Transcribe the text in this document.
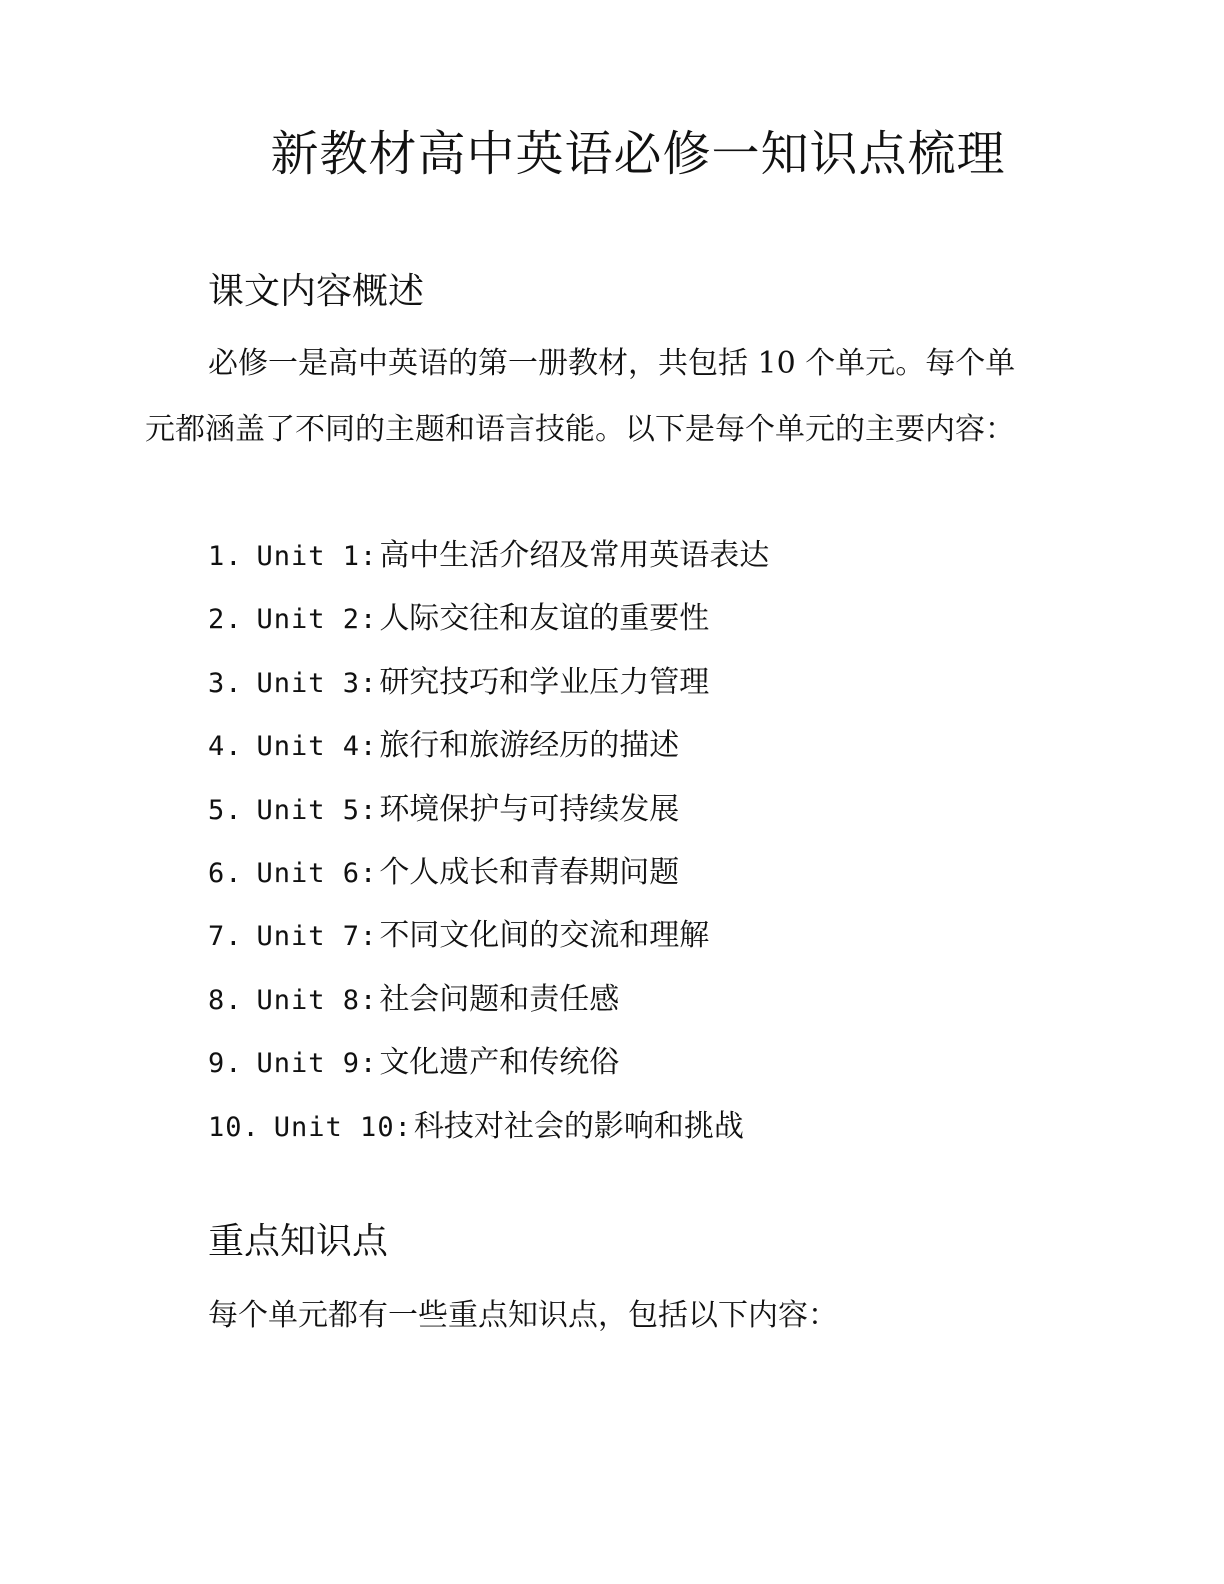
新教材高中英语必修一知识点梳理
课文内容概述
必修一是高中英语的第一册教材，共包括 10 个单元。每个单
元都涵盖了不同的主题和语言技能。以下是每个单元的主要内容：
1. Unit 1:高中生活介绍及常用英语表达
2. Unit 2:人际交往和友谊的重要性
3. Unit 3:研究技巧和学业压力管理
4. Unit 4:旅行和旅游经历的描述
5. Unit 5:环境保护与可持续发展
6. Unit 6:个人成长和青春期问题
7. Unit 7:不同文化间的交流和理解
8. Unit 8:社会问题和责任感
9. Unit 9:文化遗产和传统俗
10. Unit 10:科技对社会的影响和挑战
重点知识点
每个单元都有一些重点知识点，包括以下内容：
